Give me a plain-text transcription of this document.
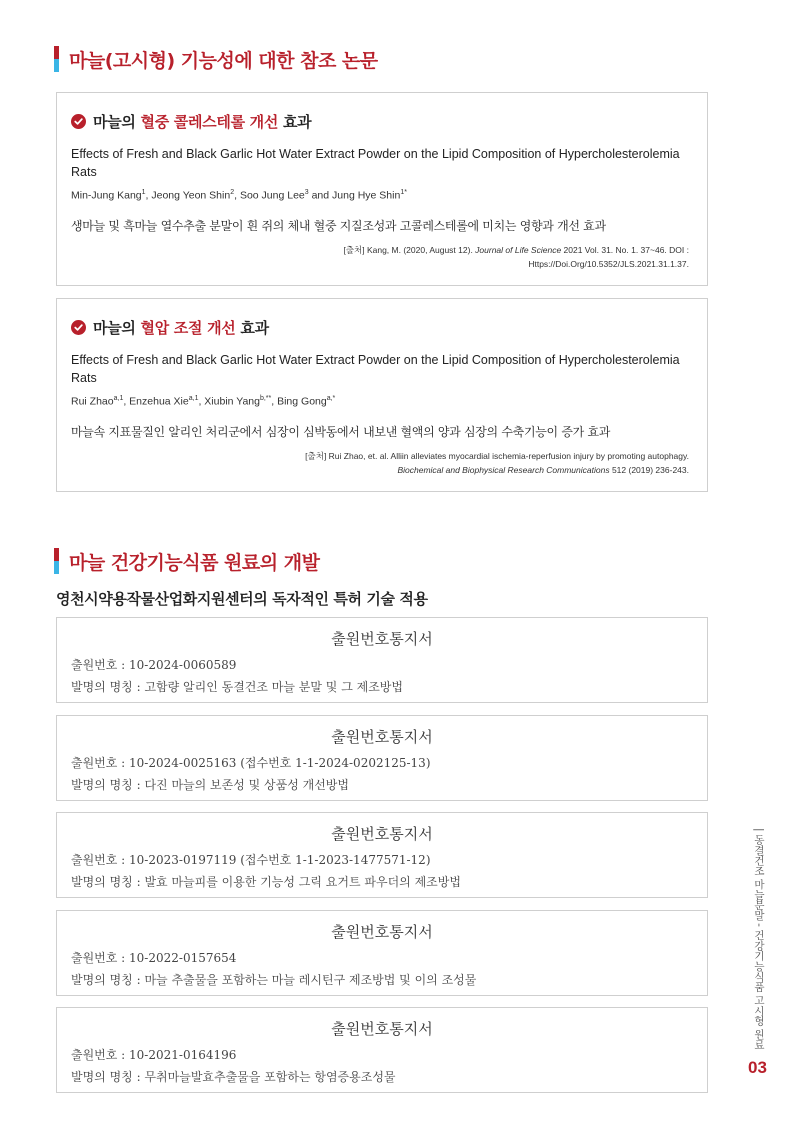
마늘(고시형) 기능성에 대한 참조 논문
마늘의 혈중 콜레스테롤 개선 효과
Effects of Fresh and Black Garlic Hot Water Extract Powder on the Lipid Composition of Hypercholesterolemia Rats
Min-Jung Kang$^1$, Jeong Yeon Shin$^2$, Soo Jung Lee$^3$ and Jung Hye Shin$^{1*}$
생마늘 및 흑마늘 열수추출 분말이 흰 쥐의 체내 혈중 지질조성과 고콜레스테롤에 미치는 영향과 개선 효과
[출처] Kang, M. (2020, August 12). Journal of Life Science 2021 Vol. 31. No. 1. 37~46. DOI :
Https://Doi.Org/10.5352/JLS.2021.31.1.37.
마늘의 혈압 조절 개선 효과
Effects of Fresh and Black Garlic Hot Water Extract Powder on the Lipid Composition of Hypercholesterolemia Rats
Rui Zhao$^{a,1}$, Enzehua Xie$^{a,1}$, Xiubin Yang$^{b,**}$, Bing Gong$^{a,*}$
마늘속 지표물질인 알리인 처리군에서 심장이 심박동에서 내보낸 혈액의 양과 심장의 수축기능이 증가 효과
[출처] Rui Zhao, et. al. Alliin alleviates myocardial ischemia-reperfusion injury by promoting autophagy.
Biochemical and Biophysical Research Communications 512 (2019) 236-243.
마늘 건강기능식품 원료의 개발
영천시약용작물산업화지원센터의 독자적인 특허 기술 적용
출원번호통지서
출원번호 : 10-2024-0060589
발명의 명칭 : 고함량 알리인 동결건조 마늘 분말 및 그 제조방법
출원번호통지서
출원번호 : 10-2024-0025163 (접수번호 1-1-2024-0202125-13)
발명의 명칭 : 다진 마늘의 보존성 및 상품성 개선방법
출원번호통지서
출원번호 : 10-2023-0197119 (접수번호 1-1-2023-1477571-12)
발명의 명칭 : 발효 마늘피를 이용한 기능성 그릭 요거트 파우더의 제조방법
출원번호통지서
출원번호 : 10-2022-0157654
발명의 명칭 : 마늘 추출물을 포함하는 마늘 레시틴구 제조방법 및 이의 조성물
출원번호통지서
출원번호 : 10-2021-0164196
발명의 명칭 : 무취마늘발효추출물을 포함하는 항염증용조성물
| 동결건조 마늘분말 - 건강기능식품 고시형 원료
03
